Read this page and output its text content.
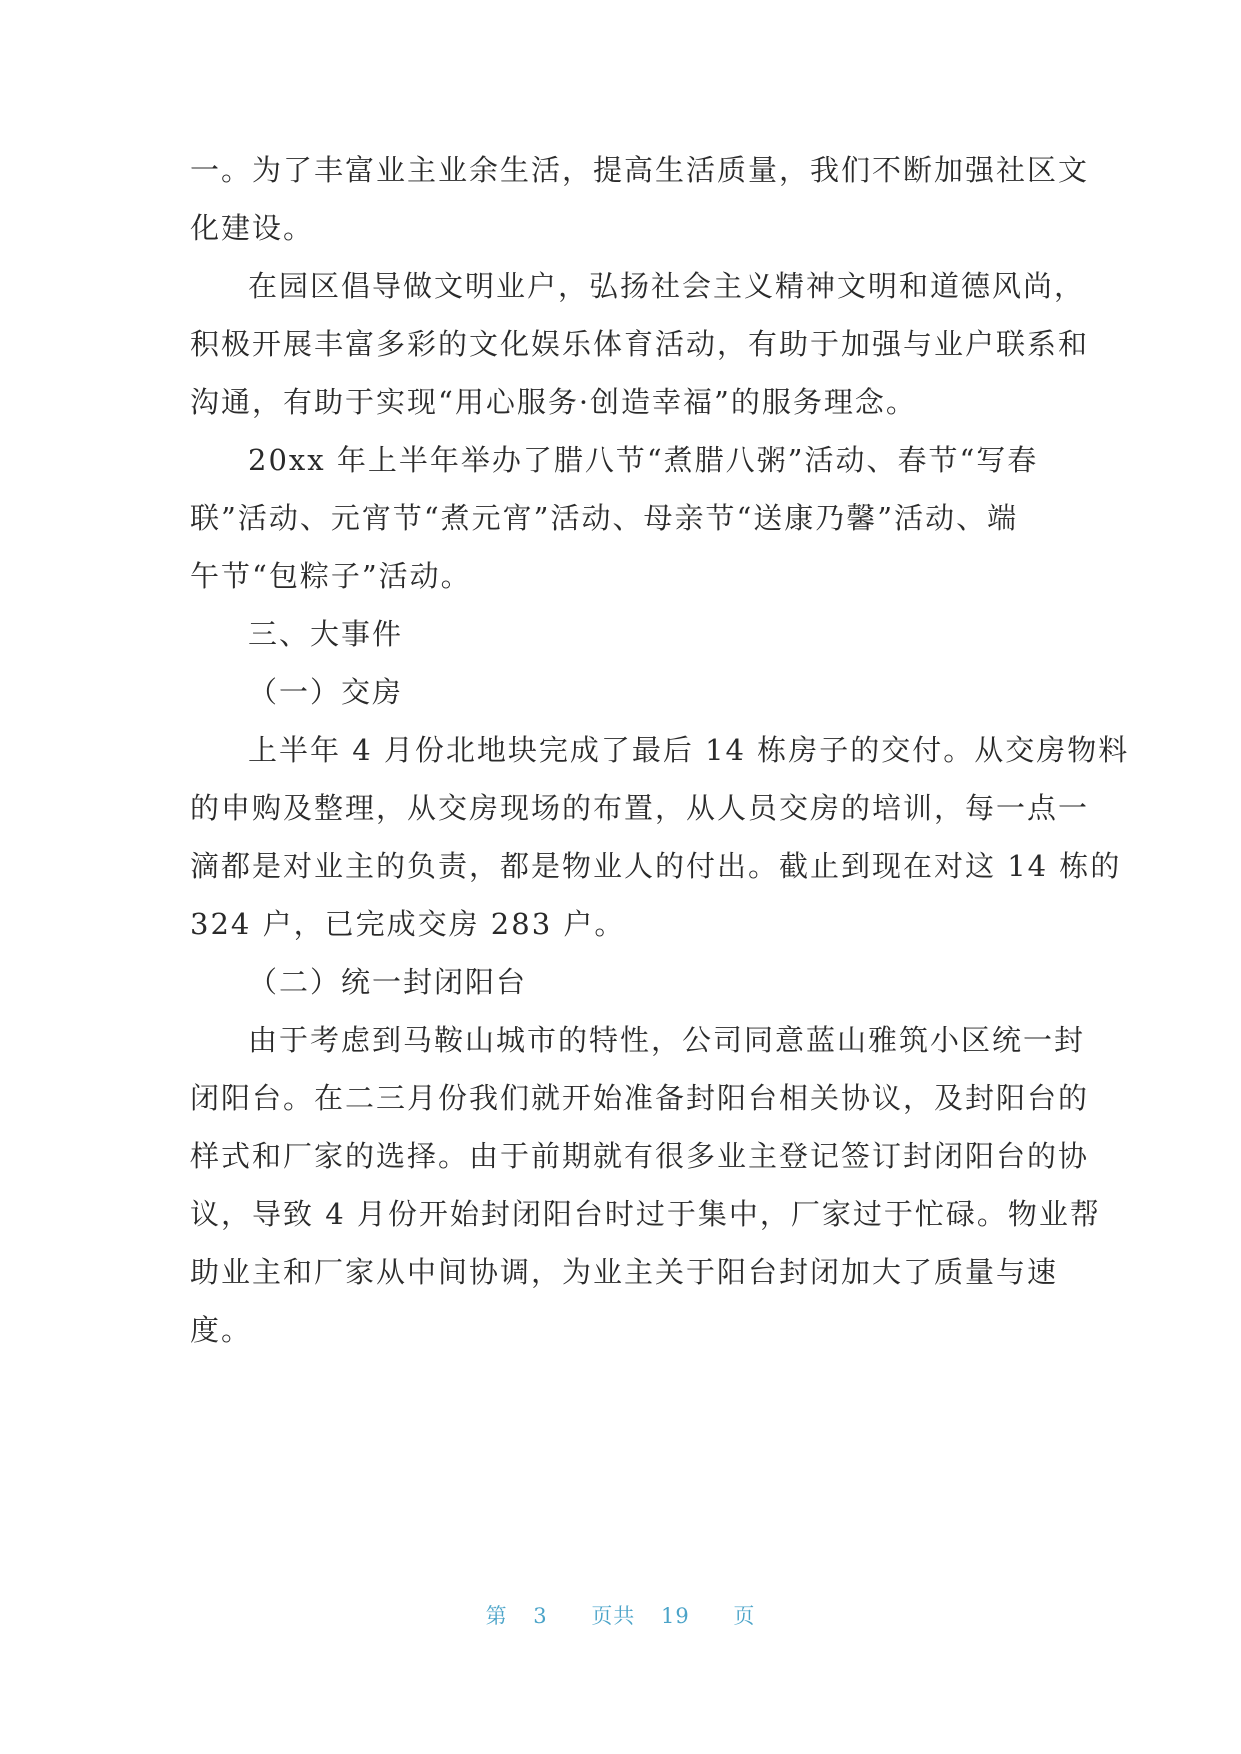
一。为了丰富业主业余生活，提高生活质量，我们不断加强社区文
化建设。
在园区倡导做文明业户，弘扬社会主义精神文明和道德风尚，
积极开展丰富多彩的文化娱乐体育活动，有助于加强与业户联系和
沟通，有助于实现“用心服务·创造幸福”的服务理念。
20xx 年上半年举办了腊八节“煮腊八粥”活动、春节“写春
联”活动、元宵节“煮元宵”活动、母亲节“送康乃馨”活动、端
午节“包粽子”活动。
三、大事件
（一）交房
上半年 4 月份北地块完成了最后 14 栋房子的交付。从交房物料
的申购及整理，从交房现场的布置，从人员交房的培训，每一点一
滴都是对业主的负责，都是物业人的付出。截止到现在对这 14 栋的
324 户，已完成交房 283 户。
（二）统一封闭阳台
由于考虑到马鞍山城市的特性，公司同意蓝山雅筑小区统一封
闭阳台。在二三月份我们就开始准备封阳台相关协议，及封阳台的
样式和厂家的选择。由于前期就有很多业主登记签订封闭阳台的协
议，导致 4 月份开始封闭阳台时过于集中，厂家过于忙碌。物业帮
助业主和厂家从中间协调，为业主关于阳台封闭加大了质量与速
度。
第 3 页共 19 页
